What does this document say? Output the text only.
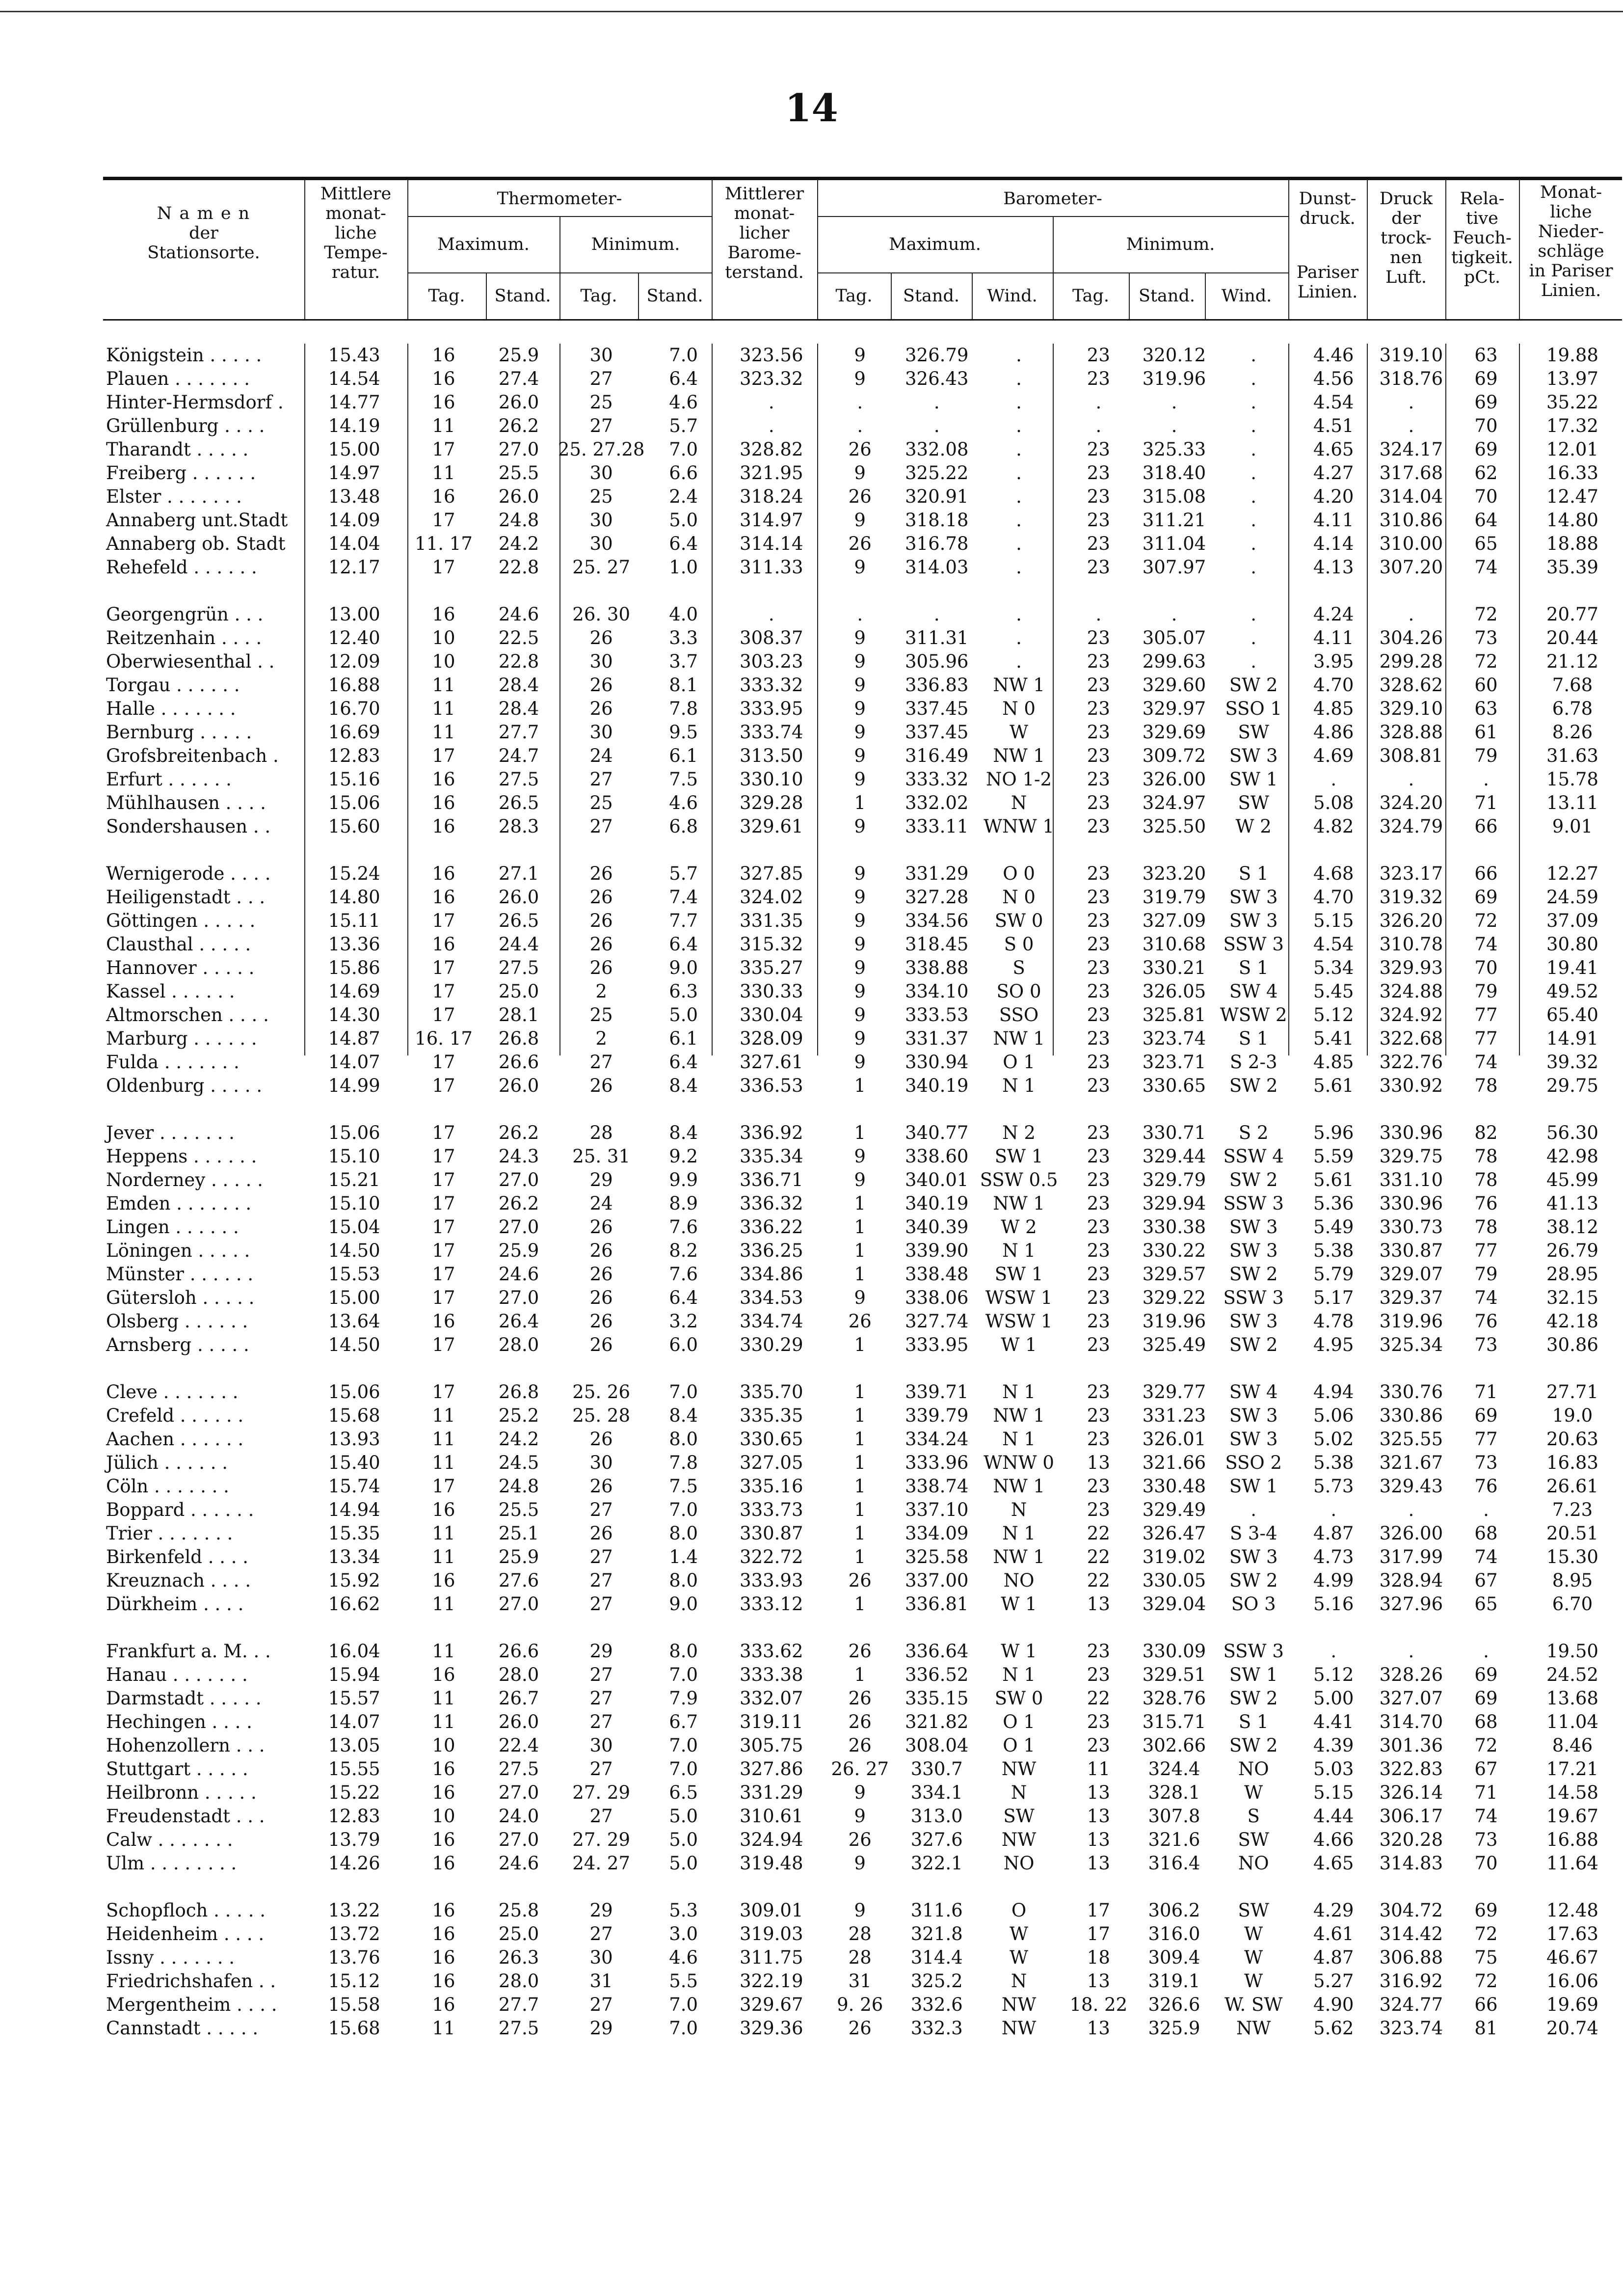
14
N a m e n
der
Stationsorte.
Mittlere
monat-
liche
Tempe-
ratur.
Thermometer-
Maximum.	Minimum.
Tag.	Stand.	Tag.	Stand.
Mittlerer
monat-
licher
Barome-
terstand.
Barometer-
Maximum.	Minimum.
Tag.	Stand.	Wind.	Tag.	Stand.	Wind.
Dunst-
druck.
Pariser
Linien.
Druck
der
trock-
nen
Luft.
Rela-
tive
Feuch-
tigkeit.
pCt.
Monat-
liche
Nieder-
schläge
in Pariser
Linien.
Königstein . . . . .	15.43	16	25.9	30	7.0	323.56	9	326.79	.	23	320.12	.	4.46	319.10	63	19.88
Plauen . . . . . . .	14.54	16	27.4	27	6.4	323.32	9	326.43	.	23	319.96	.	4.56	318.76	69	13.97
Hinter-Hermsdorf .	14.77	16	26.0	25	4.6	.	.	.	.	.	.	.	4.54	.	69	35.22
Grüllenburg . . . .	14.19	11	26.2	27	5.7	.	.	.	.	.	.	.	4.51	.	70	17.32
Tharandt . . . . .	15.00	17	27.0	25. 27.28	7.0	328.82	26	332.08	.	23	325.33	.	4.65	324.17	69	12.01
Freiberg . . . . . .	14.97	11	25.5	30	6.6	321.95	9	325.22	.	23	318.40	.	4.27	317.68	62	16.33
Elster . . . . . . .	13.48	16	26.0	25	2.4	318.24	26	320.91	.	23	315.08	.	4.20	314.04	70	12.47
Annaberg unt.Stadt	14.09	17	24.8	30	5.0	314.97	9	318.18	.	23	311.21	.	4.11	310.86	64	14.80
Annaberg ob. Stadt	14.04	11. 17	24.2	30	6.4	314.14	26	316.78	.	23	311.04	.	4.14	310.00	65	18.88
Rehefeld . . . . . .	12.17	17	22.8	25. 27	1.0	311.33	9	314.03	.	23	307.97	.	4.13	307.20	74	35.39

Georgengrün . . .	13.00	16	24.6	26. 30	4.0	.	.	.	.	.	.	.	4.24	.	72	20.77
Reitzenhain . . . .	12.40	10	22.5	26	3.3	308.37	9	311.31	.	23	305.07	.	4.11	304.26	73	20.44
Oberwiesenthal . .	12.09	10	22.8	30	3.7	303.23	9	305.96	.	23	299.63	.	3.95	299.28	72	21.12
Torgau . . . . . .	16.88	11	28.4	26	8.1	333.32	9	336.83	NW 1	23	329.60	SW 2	4.70	328.62	60	7.68
Halle . . . . . . .	16.70	11	28.4	26	7.8	333.95	9	337.45	N 0	23	329.97	SSO 1	4.85	329.10	63	6.78
Bernburg . . . . .	16.69	11	27.7	30	9.5	333.74	9	337.45	W	23	329.69	SW	4.86	328.88	61	8.26
Grofsbreitenbach .	12.83	17	24.7	24	6.1	313.50	9	316.49	NW 1	23	309.72	SW 3	4.69	308.81	79	31.63
Erfurt . . . . . .	15.16	16	27.5	27	7.5	330.10	9	333.32	NO 1-2	23	326.00	SW 1	.	.	.	15.78
Mühlhausen . . . .	15.06	16	26.5	25	4.6	329.28	1	332.02	N	23	324.97	SW	5.08	324.20	71	13.11
Sondershausen . .	15.60	16	28.3	27	6.8	329.61	9	333.11	WNW 1	23	325.50	W 2	4.82	324.79	66	9.01

Wernigerode . . . .	15.24	16	27.1	26	5.7	327.85	9	331.29	O 0	23	323.20	S 1	4.68	323.17	66	12.27
Heiligenstadt . . .	14.80	16	26.0	26	7.4	324.02	9	327.28	N 0	23	319.79	SW 3	4.70	319.32	69	24.59
Göttingen . . . . .	15.11	17	26.5	26	7.7	331.35	9	334.56	SW 0	23	327.09	SW 3	5.15	326.20	72	37.09
Clausthal . . . . .	13.36	16	24.4	26	6.4	315.32	9	318.45	S 0	23	310.68	SSW 3	4.54	310.78	74	30.80
Hannover . . . . .	15.86	17	27.5	26	9.0	335.27	9	338.88	S	23	330.21	S 1	5.34	329.93	70	19.41
Kassel . . . . . .	14.69	17	25.0	2	6.3	330.33	9	334.10	SO 0	23	326.05	SW 4	5.45	324.88	79	49.52
Altmorschen . . . .	14.30	17	28.1	25	5.0	330.04	9	333.53	SSO	23	325.81	WSW 2	5.12	324.92	77	65.40
Marburg . . . . . .	14.87	16. 17	26.8	2	6.1	328.09	9	331.37	NW 1	23	323.74	S 1	5.41	322.68	77	14.91
Fulda . . . . . . .	14.07	17	26.6	27	6.4	327.61	9	330.94	O 1	23	323.71	S 2-3	4.85	322.76	74	39.32
Oldenburg . . . . .	14.99	17	26.0	26	8.4	336.53	1	340.19	N 1	23	330.65	SW 2	5.61	330.92	78	29.75

Jever . . . . . . .	15.06	17	26.2	28	8.4	336.92	1	340.77	N 2	23	330.71	S 2	5.96	330.96	82	56.30
Heppens . . . . . .	15.10	17	24.3	25. 31	9.2	335.34	9	338.60	SW 1	23	329.44	SSW 4	5.59	329.75	78	42.98
Norderney . . . . .	15.21	17	27.0	29	9.9	336.71	9	340.01	SSW 0.5	23	329.79	SW 2	5.61	331.10	78	45.99
Emden . . . . . . .	15.10	17	26.2	24	8.9	336.32	1	340.19	NW 1	23	329.94	SSW 3	5.36	330.96	76	41.13
Lingen . . . . . .	15.04	17	27.0	26	7.6	336.22	1	340.39	W 2	23	330.38	SW 3	5.49	330.73	78	38.12
Löningen . . . . .	14.50	17	25.9	26	8.2	336.25	1	339.90	N 1	23	330.22	SW 3	5.38	330.87	77	26.79
Münster . . . . . .	15.53	17	24.6	26	7.6	334.86	1	338.48	SW 1	23	329.57	SW 2	5.79	329.07	79	28.95
Gütersloh . . . . .	15.00	17	27.0	26	6.4	334.53	9	338.06	WSW 1	23	329.22	SSW 3	5.17	329.37	74	32.15
Olsberg . . . . . .	13.64	16	26.4	26	3.2	334.74	26	327.74	WSW 1	23	319.96	SW 3	4.78	319.96	76	42.18
Arnsberg . . . . .	14.50	17	28.0	26	6.0	330.29	1	333.95	W 1	23	325.49	SW 2	4.95	325.34	73	30.86

Cleve . . . . . . .	15.06	17	26.8	25. 26	7.0	335.70	1	339.71	N 1	23	329.77	SW 4	4.94	330.76	71	27.71
Crefeld . . . . . .	15.68	11	25.2	25. 28	8.4	335.35	1	339.79	NW 1	23	331.23	SW 3	5.06	330.86	69	19.0
Aachen . . . . . .	13.93	11	24.2	26	8.0	330.65	1	334.24	N 1	23	326.01	SW 3	5.02	325.55	77	20.63
Jülich . . . . . .	15.40	11	24.5	30	7.8	327.05	1	333.96	WNW 0	13	321.66	SSO 2	5.38	321.67	73	16.83
Cöln . . . . . . .	15.74	17	24.8	26	7.5	335.16	1	338.74	NW 1	23	330.48	SW 1	5.73	329.43	76	26.61
Boppard . . . . . .	14.94	16	25.5	27	7.0	333.73	1	337.10	N	23	329.49	.	.	.	.	7.23
Trier . . . . . . .	15.35	11	25.1	26	8.0	330.87	1	334.09	N 1	22	326.47	S 3-4	4.87	326.00	68	20.51
Birkenfeld . . . .	13.34	11	25.9	27	1.4	322.72	1	325.58	NW 1	22	319.02	SW 3	4.73	317.99	74	15.30
Kreuznach . . . .	15.92	16	27.6	27	8.0	333.93	26	337.00	NO	22	330.05	SW 2	4.99	328.94	67	8.95
Dürkheim . . . .	16.62	11	27.0	27	9.0	333.12	1	336.81	W 1	13	329.04	SO 3	5.16	327.96	65	6.70

Frankfurt a. M. . .	16.04	11	26.6	29	8.0	333.62	26	336.64	W 1	23	330.09	SSW 3	.	.	.	19.50
Hanau . . . . . . .	15.94	16	28.0	27	7.0	333.38	1	336.52	N 1	23	329.51	SW 1	5.12	328.26	69	24.52
Darmstadt . . . . .	15.57	11	26.7	27	7.9	332.07	26	335.15	SW 0	22	328.76	SW 2	5.00	327.07	69	13.68
Hechingen . . . .	14.07	11	26.0	27	6.7	319.11	26	321.82	O 1	23	315.71	S 1	4.41	314.70	68	11.04
Hohenzollern . . .	13.05	10	22.4	30	7.0	305.75	26	308.04	O 1	23	302.66	SW 2	4.39	301.36	72	8.46
Stuttgart . . . . .	15.55	16	27.5	27	7.0	327.86	26. 27	330.7	NW	11	324.4	NO	5.03	322.83	67	17.21
Heilbronn . . . . .	15.22	16	27.0	27. 29	6.5	331.29	9	334.1	N	13	328.1	W	5.15	326.14	71	14.58
Freudenstadt . . .	12.83	10	24.0	27	5.0	310.61	9	313.0	SW	13	307.8	S	4.44	306.17	74	19.67
Calw . . . . . . .	13.79	16	27.0	27. 29	5.0	324.94	26	327.6	NW	13	321.6	SW	4.66	320.28	73	16.88
Ulm . . . . . . . .	14.26	16	24.6	24. 27	5.0	319.48	9	322.1	NO	13	316.4	NO	4.65	314.83	70	11.64

Schopfloch . . . . .	13.22	16	25.8	29	5.3	309.01	9	311.6	O	17	306.2	SW	4.29	304.72	69	12.48
Heidenheim . . . .	13.72	16	25.0	27	3.0	319.03	28	321.8	W	17	316.0	W	4.61	314.42	72	17.63
Issny . . . . . . .	13.76	16	26.3	30	4.6	311.75	28	314.4	W	18	309.4	W	4.87	306.88	75	46.67
Friedrichshafen . .	15.12	16	28.0	31	5.5	322.19	31	325.2	N	13	319.1	W	5.27	316.92	72	16.06
Mergentheim . . . .	15.58	16	27.7	27	7.0	329.67	9. 26	332.6	NW	18. 22	326.6	W. SW	4.90	324.77	66	19.69
Cannstadt . . . . .	15.68	11	27.5	29	7.0	329.36	26	332.3	NW	13	325.9	NW	5.62	323.74	81	20.74
